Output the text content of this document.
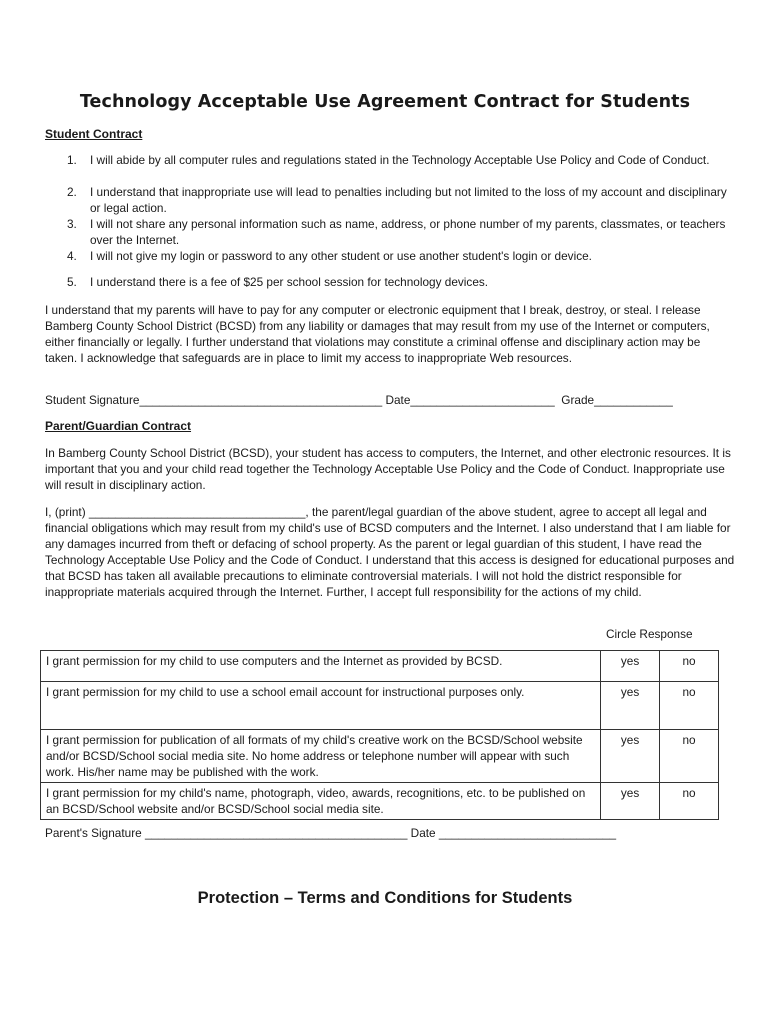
Technology Acceptable Use Agreement Contract for Students
Student Contract
1.	I will abide by all computer rules and regulations stated in the Technology Acceptable Use Policy and Code of Conduct.
2.	I understand that inappropriate use will lead to penalties including but not limited to the loss of my account and disciplinary or legal action.
3.	I will not share any personal information such as name, address, or phone number of my parents, classmates, or teachers over the Internet.
4.	I will not give my login or password to any other student or use another student's login or device.
5.	I understand there is a fee of $25 per school session for technology devices.
I understand that my parents will have to pay for any computer or electronic equipment that I break, destroy, or steal. I release Bamberg County School District (BCSD) from any liability or damages that may result from my use of the Internet or computers, either financially or legally. I further understand that violations may constitute a criminal offense and disciplinary action may be taken. I acknowledge that safeguards are in place to limit my access to inappropriate Web resources.
Student Signature_____________________________________ Date______________________  Grade____________
Parent/Guardian Contract
In Bamberg County School District (BCSD), your student has access to computers, the Internet, and other electronic resources. It is important that you and your child read together the Technology Acceptable Use Policy and the Code of Conduct. Inappropriate use will result in disciplinary action.
I, (print) _________________________________, the parent/legal guardian of the above student, agree to accept all legal and financial obligations which may result from my child's use of BCSD computers and the Internet. I also understand that I am liable for any damages incurred from theft or defacing of school property. As the parent or legal guardian of this student, I have read the Technology Acceptable Use Policy and the Code of Conduct. I understand that this access is designed for educational purposes and that BCSD has taken all available precautions to eliminate controversial materials. I will not hold the district responsible for inappropriate materials acquired through the Internet. Further, I accept full responsibility for the actions of my child.
Circle Response
I grant permission for my child to use computers and the Internet as provided by BCSD.	yes	no
I grant permission for my child to use a school email account for instructional purposes only.	yes	no
I grant permission for publication of all formats of my child's creative work on the BCSD/School website and/or BCSD/School social media site. No home address or telephone number will appear with such work. His/her name may be published with the work.	yes	no
I grant permission for my child's name, photograph, video, awards, recognitions, etc. to be published on an BCSD/School website and/or BCSD/School social media site.	yes	no
Parent's Signature ________________________________________ Date ___________________________
Protection – Terms and Conditions for Students
